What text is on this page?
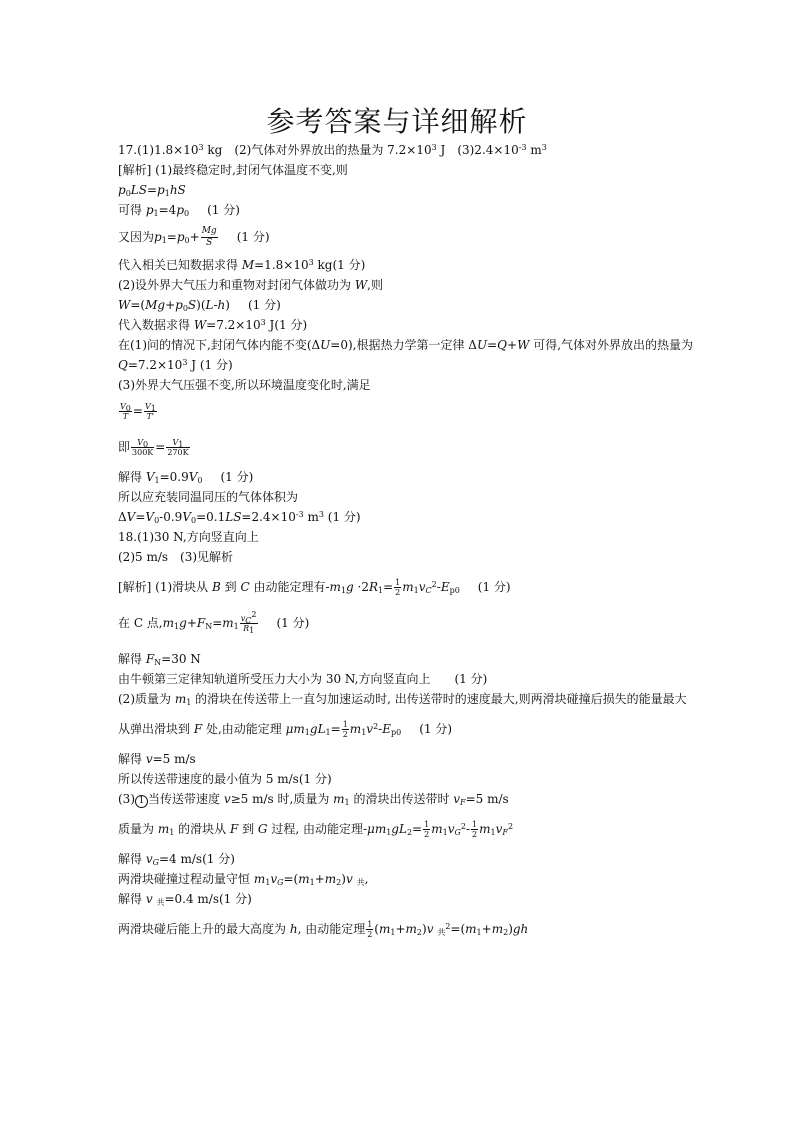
参考答案与详细解析
$17.(1)1.8\times 10^3$ kg　(2)气体对外界放出的热量为 $7.2\times 10^3$ J　$(3)2.4\times 10^{-3}$ $m^3$
[解析] (1)最终稳定时,封闭气体温度不变,则
$p_0LS=p_1hS$
可得 $p_1=4p_0$ (1 分)
又因为$p_1=p_0+ \frac{Mg}{S} (1$ 分)
代入相关已知数据求得 $M=1.8\times 10^3$ kg(1 分)
(2)设外界大气压力和重物对封闭气体做功为 W,则
$W=(Mg+p_0S)(L-h)$ (1 分)
代入数据求得 $W=7.2\times 10^3$ J(1 分)
在(1)问的情况下,封闭气体内能不变(ΔU=0),根据热力学第一定律 ΔU=Q+W 可得,气体对外界放出的热量为
$Q=7.2\times 10^3$ J (1 分)
(3)外界大气压强不变,所以环境温度变化时,满足
$\frac{V_0}{T} = \frac{V_1}{T'}$
即 $\frac{V_0}{300K} = \frac{V_1}{270K}$
解得 $V_1=0.9V_0$ (1 分)
所以应充装同温同压的气体体积为
$\Delta V=V_0-0.9V_0=0.1LS=2.4\times 10^{-3}$ $m^3$ (1 分)
18.(1)30 N,方向竖直向上
(2)5 m/s　(3)见解析
[解析] (1)滑块从 B 到 C 由动能定理有$-m_1g \cdot 2R_1= \frac{1}{2} m_1v_C^2-E_{p0}$ (1 分)
在 C 点$,m_1g+F_N=m_1 \frac{v_C^2}{R_1} (1$ 分)
解得 $F_N=30$ N
由牛顿第三定律知轨道所受压力大小为 30 N,方向竖直向上　　(1 分)
(2)质量为 $m_1$ 的滑块在传送带上一直匀加速运动时, 出传送带时的速度最大,则两滑块碰撞后损失的能量最大
从弹出滑块到 F 处,由动能定理 $\mu m_1gL_1= \frac{1}{2} m_1v^2-E_{p0}$ (1 分)
解得 v=5 m/s
所以传送带速度的最小值为 5 m/s(1 分)
(3) 1 当传送带速度 v≥5 m/s 时,质量为 $m_1$ 的滑块出传送带时 $v_F=5$ m/s
质量为 $m_1$ 的滑块从 F 到 G 过程, 由动能定理$-\mu m_1gL_2= \frac{1}{2} m_1v_G^2- \frac{1}{2} m_1v_F^2$
解得 $v_G=4$ m/s(1 分)
两滑块碰撞过程动量守恒 $m_1v_G=(m_1+m_2)v$ $_共$,
解得 v $_共$=0.4 m/s(1 分)
两滑块碰后能上升的最大高度为 h, 由动能定理 $\frac{1}{2} (m_1+m_2)v$ $_共^2=(m_1+m_2)gh$
